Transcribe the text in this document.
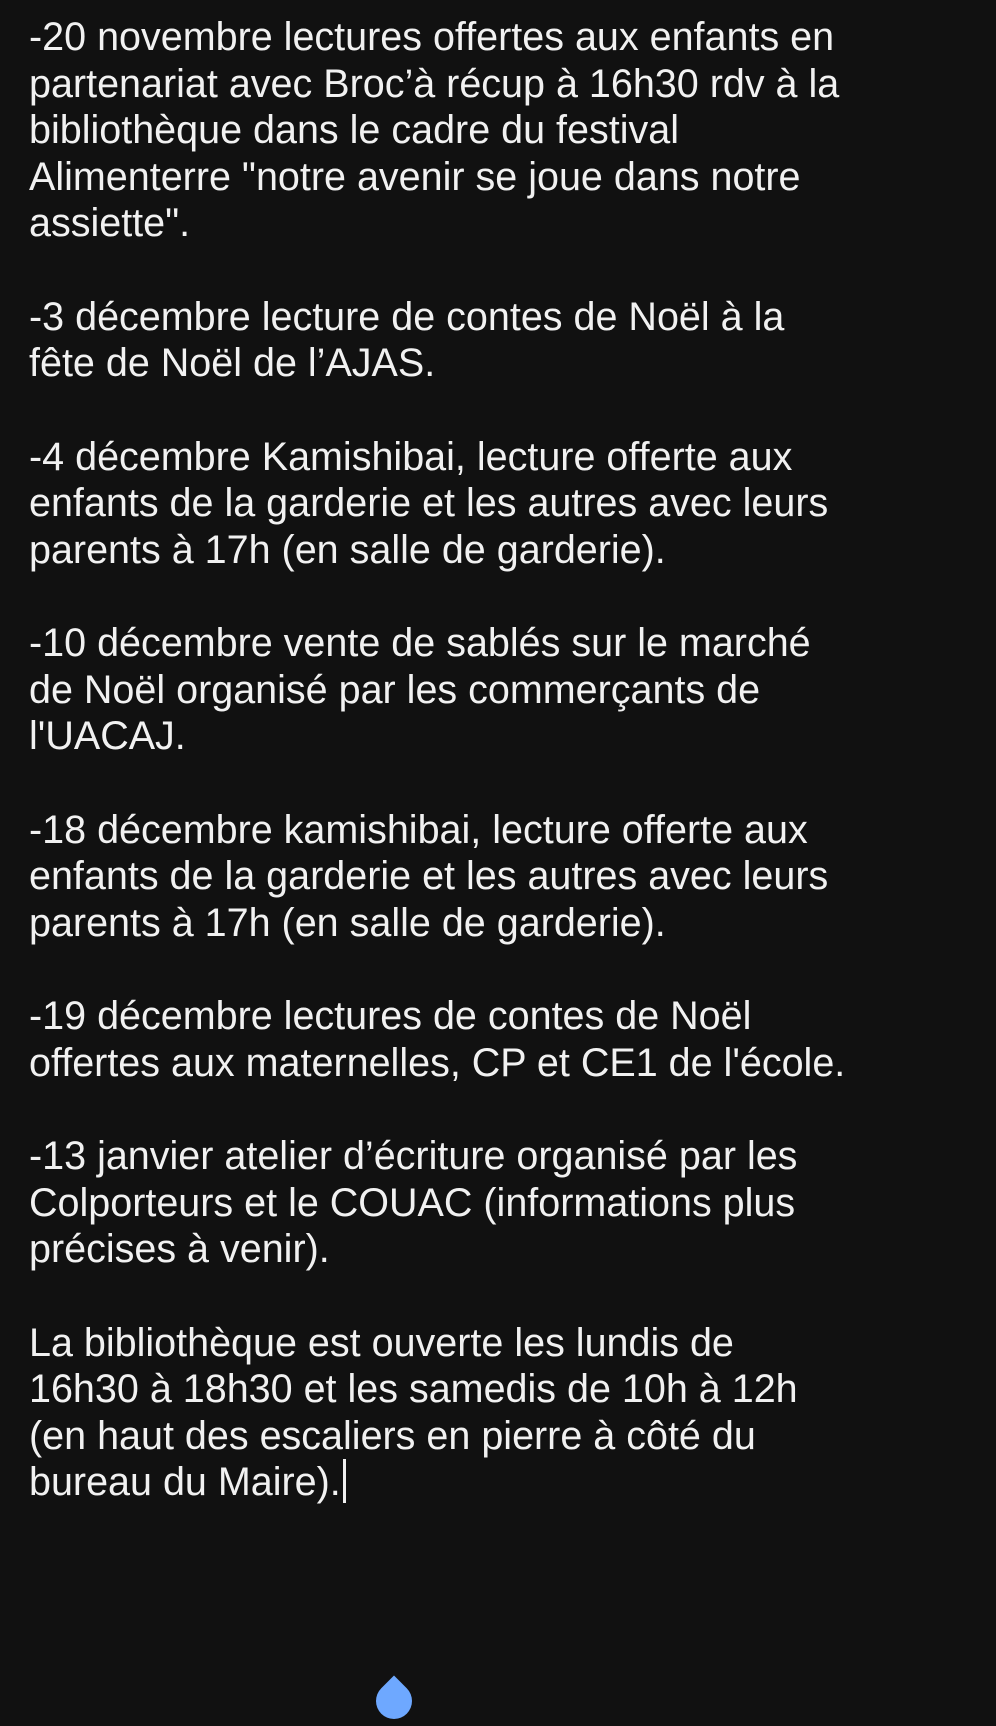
-20 novembre lectures offertes aux enfants en
partenariat avec Broc’à récup à 16h30 rdv à la
bibliothèque dans le cadre du festival
Alimenterre "notre avenir se joue dans notre
assiette".

-3 décembre lecture de contes de Noël à la
fête de Noël de l’AJAS.

-4 décembre Kamishibai, lecture offerte aux
enfants de la garderie et les autres avec leurs
parents à 17h (en salle de garderie).

-10 décembre vente de sablés sur le marché
de Noël organisé par les commerçants de
l'UACAJ.

-18 décembre kamishibai, lecture offerte aux
enfants de la garderie et les autres avec leurs
parents à 17h (en salle de garderie).

-19 décembre lectures de contes de Noël
offertes aux maternelles, CP et CE1 de l'école.

-13 janvier atelier d’écriture organisé par les
Colporteurs et le COUAC (informations plus
précises à venir).

La bibliothèque est ouverte les lundis de
16h30 à 18h30 et les samedis de 10h à 12h
(en haut des escaliers en pierre à côté du
bureau du Maire).
